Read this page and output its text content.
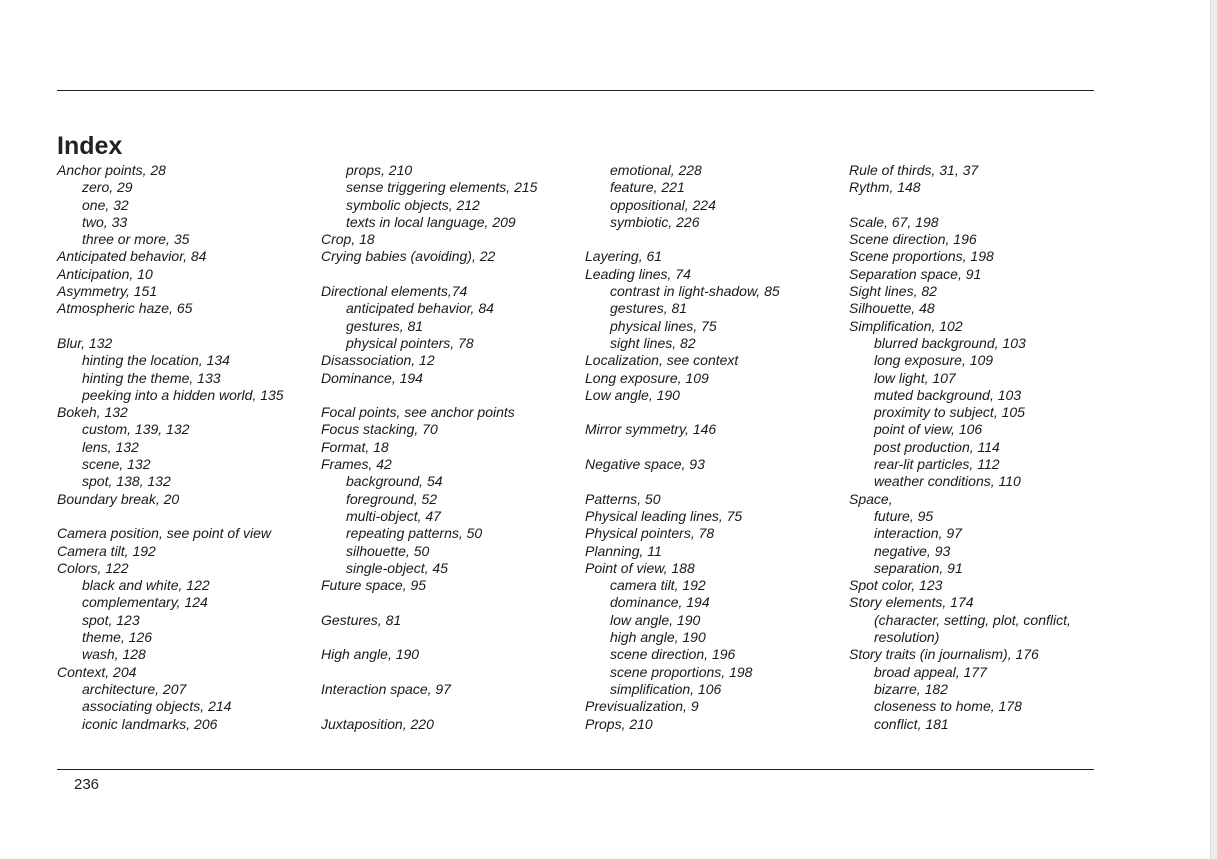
Index
Anchor points, 28
zero, 29
one, 32
two, 33
three or more, 35
Anticipated behavior, 84
Anticipation, 10
Asymmetry, 151
Atmospheric haze, 65
Blur, 132
hinting the location, 134
hinting the theme, 133
peeking into a hidden world, 135
Bokeh, 132
custom, 139, 132
lens, 132
scene, 132
spot, 138, 132
Boundary break, 20
Camera position, see point of view
Camera tilt, 192
Colors, 122
black and white, 122
complementary, 124
spot, 123
theme, 126
wash, 128
Context, 204
architecture, 207
associating objects, 214
iconic landmarks, 206
props, 210
sense triggering elements, 215
symbolic objects, 212
texts in local language, 209
Crop, 18
Crying babies (avoiding), 22
Directional elements,74
anticipated behavior, 84
gestures, 81
physical pointers, 78
Disassociation, 12
Dominance, 194
Focal points, see anchor points
Focus stacking, 70
Format, 18
Frames, 42
background, 54
foreground, 52
multi-object, 47
repeating patterns, 50
silhouette, 50
single-object, 45
Future space, 95
Gestures, 81
High angle, 190
Interaction space, 97
Juxtaposition, 220
emotional, 228
feature, 221
oppositional, 224
symbiotic, 226
Layering, 61
Leading lines, 74
contrast in light-shadow, 85
gestures, 81
physical lines, 75
sight lines, 82
Localization, see context
Long exposure, 109
Low angle, 190
Mirror symmetry, 146
Negative space, 93
Patterns, 50
Physical leading lines, 75
Physical pointers, 78
Planning, 11
Point of view, 188
camera tilt, 192
dominance, 194
low angle, 190
high angle, 190
scene direction, 196
scene proportions, 198
simplification, 106
Previsualization, 9
Props, 210
Rule of thirds, 31, 37
Rythm, 148
Scale, 67, 198
Scene direction, 196
Scene proportions, 198
Separation space, 91
Sight lines, 82
Silhouette, 48
Simplification, 102
blurred background, 103
long exposure, 109
low light, 107
muted background, 103
proximity to subject, 105
point of view, 106
post production, 114
rear-lit particles, 112
weather conditions, 110
Space,
future, 95
interaction, 97
negative, 93
separation, 91
Spot color, 123
Story elements, 174
(character, setting, plot, conflict,
resolution)
Story traits (in journalism), 176
broad appeal, 177
bizarre, 182
closeness to home, 178
conflict, 181
236
